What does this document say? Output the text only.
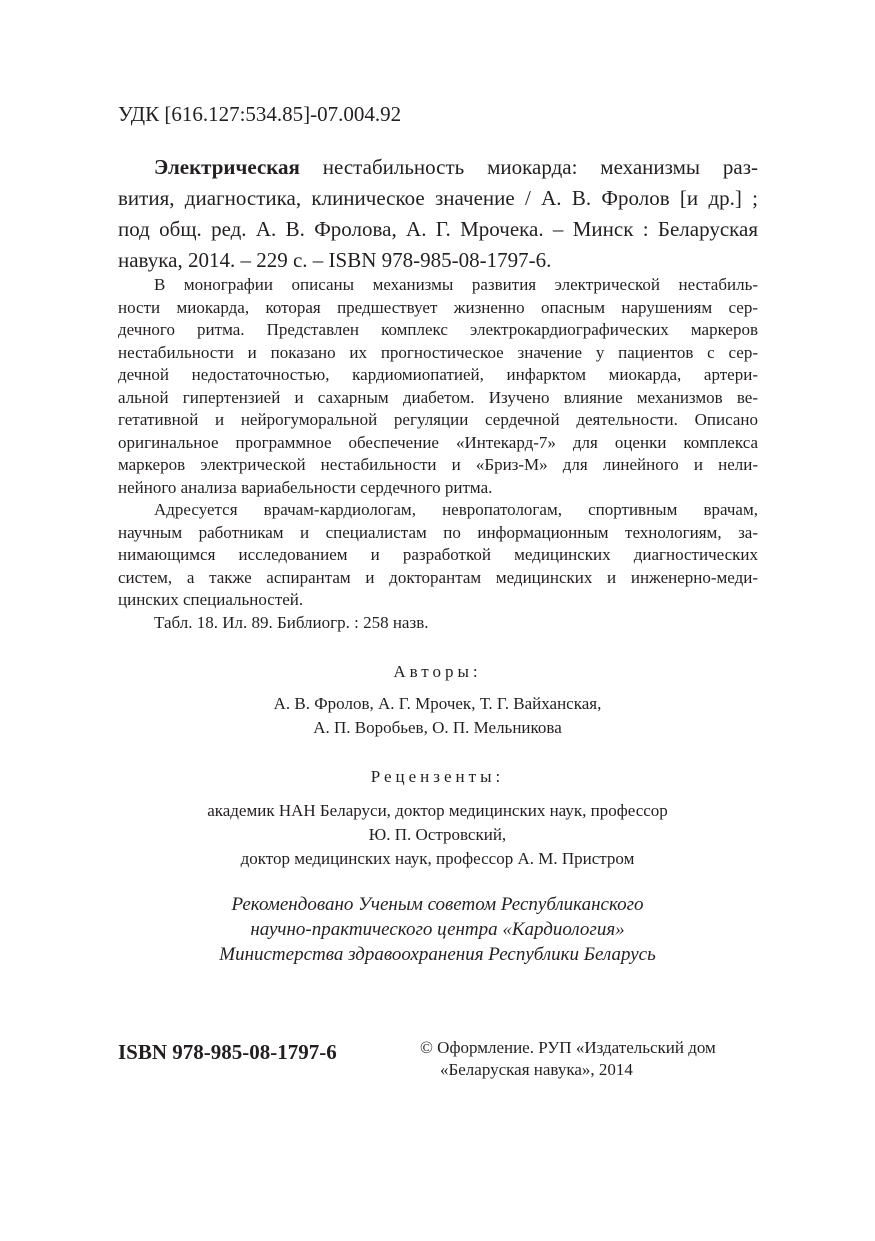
УДК [616.127:534.85]-07.004.92
Электрическая нестабильность миокарда: механизмы раз-
вития, диагностика, клиническое значение / А. В. Фролов [и др.] ;
под общ. ред. А. В. Фролова, А. Г. Мрочека. – Минск : Беларуская
навука, 2014. – 229 с. – ISBN 978-985-08-1797-6.
В монографии описаны механизмы развития электрической нестабиль-
ности миокарда, которая предшествует жизненно опасным нарушениям сер-
дечного ритма. Представлен комплекс электрокардиографических маркеров
нестабильности и показано их прогностическое значение у пациентов с сер-
дечной недостаточностью, кардиомиопатией, инфарктом миокарда, артери-
альной гипертензией и сахарным диабетом. Изучено влияние механизмов ве-
гетативной и нейрогуморальной регуляции сердечной деятельности. Описано
оригинальное программное обеспечение «Интекард-7» для оценки комплекса
маркеров электрической нестабильности и «Бриз-М» для линейного и нели-
нейного анализа вариабельности сердечного ритма.
Адресуется врачам-кардиологам, невропатологам, спортивным врачам,
научным работникам и специалистам по информационным технологиям, за-
нимающимся исследованием и разработкой медицинских диагностических
систем, а также аспирантам и докторантам медицинских и инженерно-меди-
цинских специальностей.
Табл. 18. Ил. 89. Библиогр. : 258 назв.
Авторы:
А. В. Фролов, А. Г. Мрочек, Т. Г. Вайханская,
А. П. Воробьев, О. П. Мельникова
Рецензенты:
академик НАН Беларуси, доктор медицинских наук, профессор
Ю. П. Островский,
доктор медицинских наук, профессор А. М. Пристром
Рекомендовано Ученым советом Республиканского
научно-практического центра «Кардиология»
Министерства здравоохранения Республики Беларусь
ISBN 978-985-08-1797-6	© Оформление. РУП «Издательский дом
«Беларуская навука», 2014
